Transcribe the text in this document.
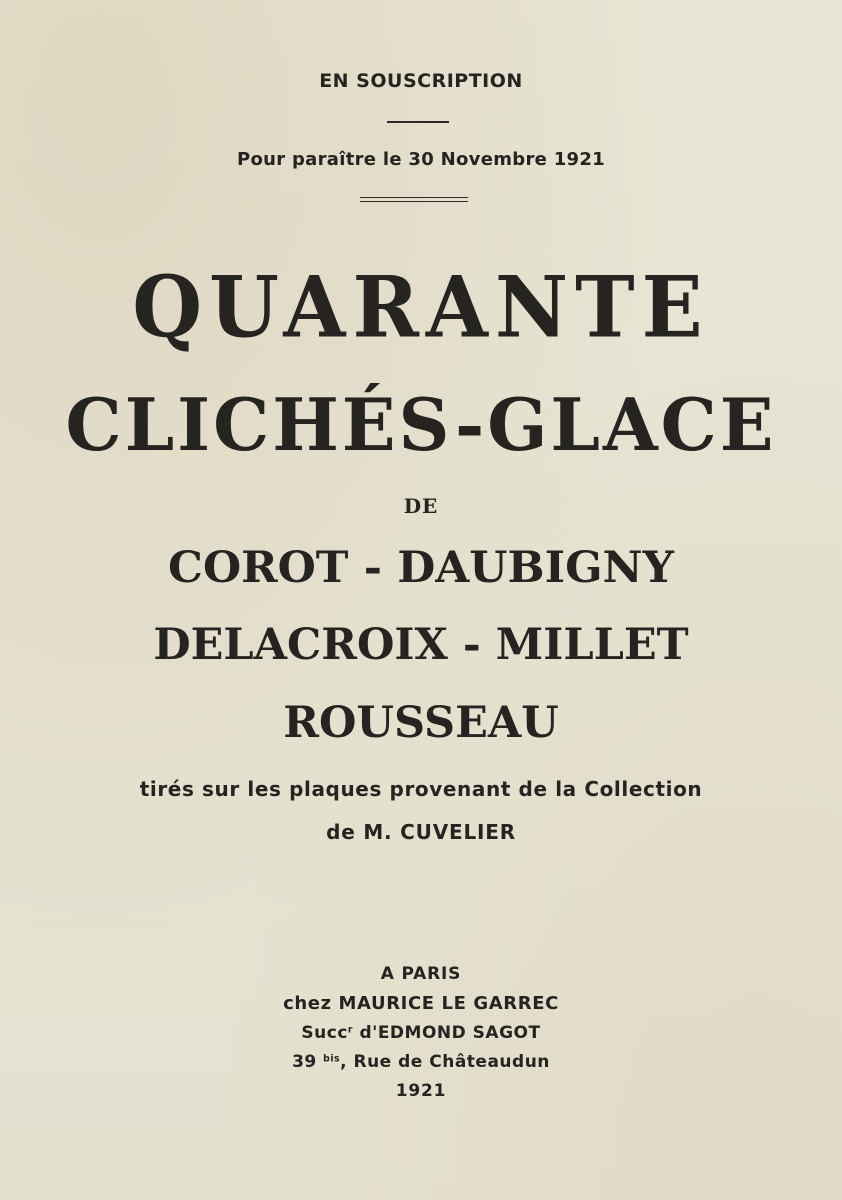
EN SOUSCRIPTION
Pour paraître le 30 Novembre 1921
QUARANTE
CLICHÉS-GLACE
DE
COROT - DAUBIGNY
DELACROIX - MILLET
ROUSSEAU
tirés sur les plaques provenant de la Collection
de M. CUVELIER
A PARIS
chez MAURICE LE GARREC
Succ$^r$ d'EDMOND SAGOT
39 $^{bis}$, Rue de Châteaudun
1921
